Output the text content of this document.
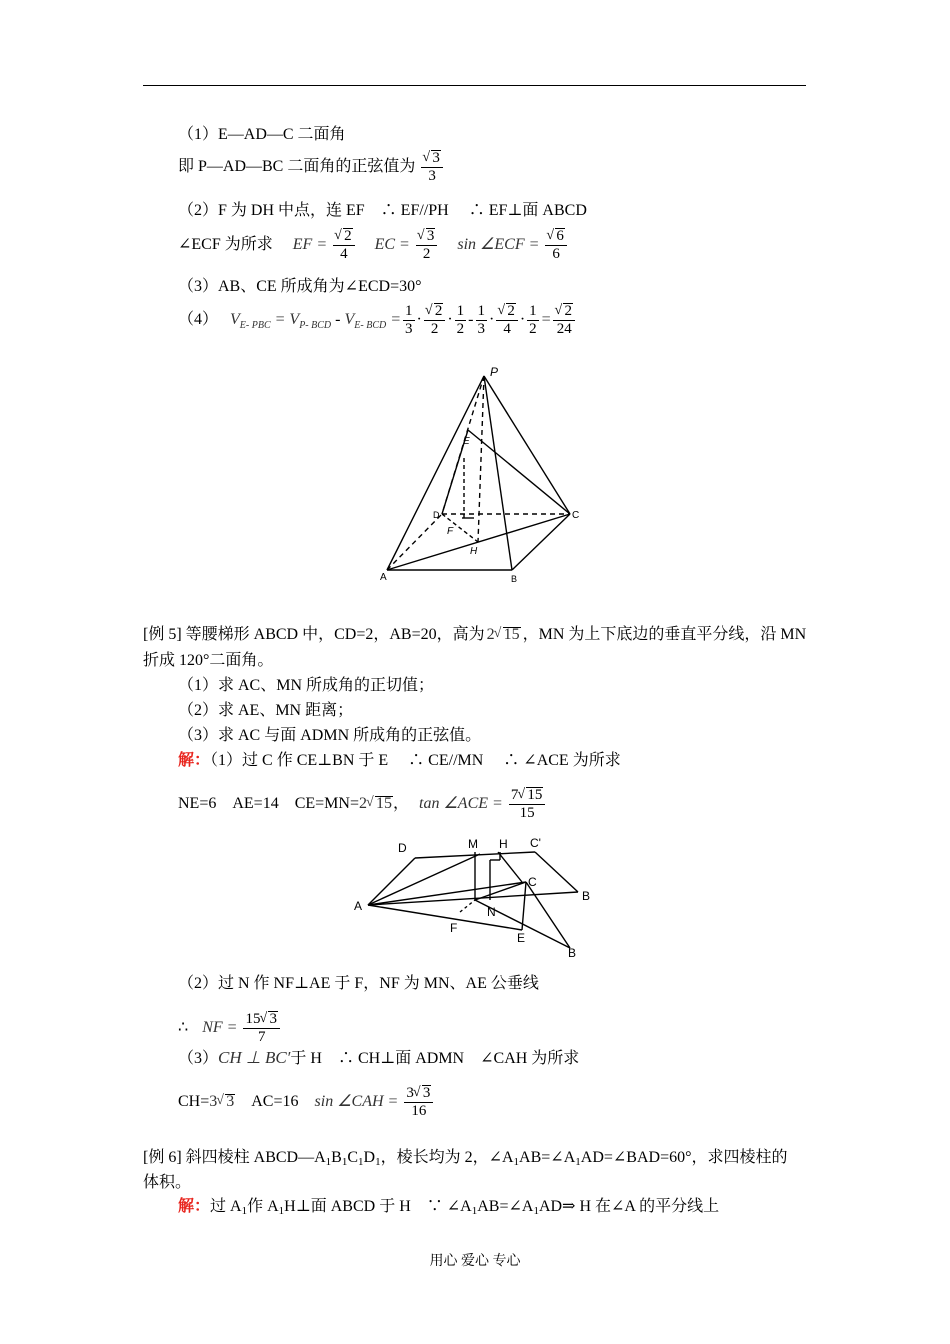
（1）E—AD—C 二面角
即 P—AD—BC 二面角的正弦值为 √ $\frac{3}{3}$
（2）F 为 DH 中点，连 EF　∴ EF//PH　 ∴ EF⊥面 ABCD
∠ECF 为所求 EF = √ $\frac{2}{4}$ EC = √ $\frac{3}{2}$ sin ∠ECF = √ $\frac{6}{6}$
（3）AB、CE 所成角为∠ECD=30°
（4） $V_{E- PBC} = V_{P- BCD} - V_{E- BCD} = \frac{1}{3}$ · √ $\frac{2}{2} \cdot \frac{1}{2} - \frac{1}{3}$ · √ $\frac{2}{4} \cdot \frac{1}{2}$ = √ $\frac{2}{24}$
P
E
D
F
H
C
A	B
[例 5] 等腰梯形 ABCD 中，CD=2，AB=20，高为 2 √ 15 ，MN 为上下底边的垂直平分线，沿 MN
折成 120°二面角。
（1）求 AC、MN 所成角的正切值；
（2）求 AE、MN 距离；
（3）求 AC 与面 ADMN 所成角的正弦值。
解：（1）过 C 作 CE⊥BN 于 E　 ∴ CE//MN　 ∴ ∠ACE 为所求
NE=6　AE=14　CE=MN=2 √ 15， tan ∠ACE = $\frac{7 √ 15}{15}$
D	M H C'
C
B
A	N
F
E
B
（2）过 N 作 NF⊥AE 于 F，NF 为 MN、AE 公垂线
∴ NF = $\frac{15 √ 3}{7}$
（3）CH ⊥ BC′于 H　∴ CH⊥面 ADMN　∠CAH 为所求
CH=3 √ 3　AC=16 sin ∠CAH = $\frac{3 √ 3}{16}$
[例 6] 斜四棱柱 ABCD—A1B1C1D1，棱长均为 2，∠A1AB=∠A1AD=∠BAD=60°，求四棱柱的
体积。
解：过 A1作 A1H⊥面 ABCD 于 H　∵ ∠A1AB=∠A1AD⇒ H 在∠A 的平分线上
用心 爱心 专心
